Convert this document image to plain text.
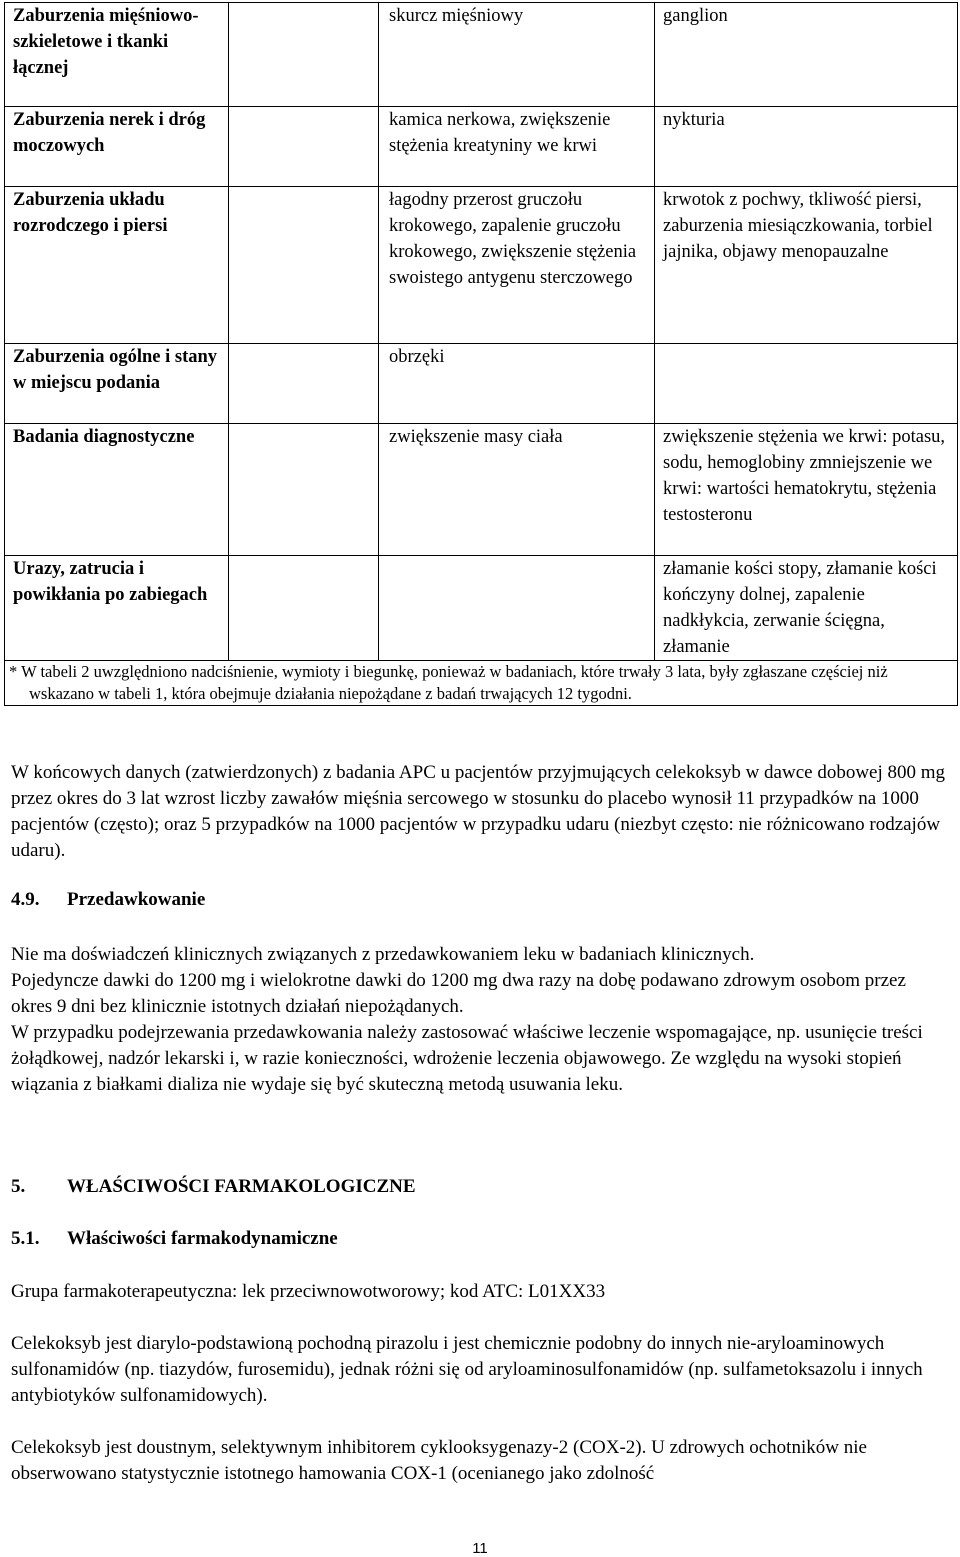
Zaburzenia mięśniowo-szkieletowe i tkanki łącznej		skurcz mięśniowy	ganglion
Zaburzenia nerek i dróg moczowych		kamica nerkowa, zwiększenie stężenia kreatyniny we krwi	nykturia
Zaburzenia układu rozrodczego i piersi		łagodny przerost gruczołu krokowego, zapalenie gruczołu krokowego, zwiększenie stężenia swoistego antygenu sterczowego	krwotok z pochwy, tkliwość piersi, zaburzenia miesiączkowania, torbiel jajnika, objawy menopauzalne
Zaburzenia ogólne i stany w miejscu podania		obrzęki	
Badania diagnostyczne		zwiększenie masy ciała	zwiększenie stężenia we krwi: potasu, sodu, hemoglobiny zmniejszenie we krwi: wartości hematokrytu, stężenia testosteronu
Urazy, zatrucia i powikłania po zabiegach			złamanie kości stopy, złamanie kości kończyny dolnej, zapalenie nadkłykcia, zerwanie ścięgna, złamanie

* W tabeli 2 uwzględniono nadciśnienie, wymioty i biegunkę, ponieważ w badaniach, które trwały 3 lata, były zgłaszane częściej niż wskazano w tabeli 1, która obejmuje działania niepożądane z badań trwających 12 tygodni.			

W końcowych danych (zatwierdzonych) z badania APC u pacjentów przyjmujących celekoksyb w dawce dobowej 800 mg przez okres do 3 lat wzrost liczby zawałów mięśnia sercowego w stosunku do placebo wynosił 11 przypadków na 1000 pacjentów (często); oraz 5 przypadków na 1000 pacjentów w przypadku udaru (niezbyt często: nie różnicowano rodzajów udaru).

4.9. Przedawkowanie

Nie ma doświadczeń klinicznych związanych z przedawkowaniem leku w badaniach klinicznych.

Pojedyncze dawki do 1200 mg i wielokrotne dawki do 1200 mg dwa razy na dobę podawano zdrowym osobom przez okres 9 dni bez klinicznie istotnych działań niepożądanych.

W przypadku podejrzewania przedawkowania należy zastosować właściwe leczenie wspomagające, np. usunięcie treści żołądkowej, nadzór lekarski i, w razie konieczności, wdrożenie leczenia objawowego. Ze względu na wysoki stopień wiązania z białkami dializa nie wydaje się być skuteczną metodą usuwania leku.

5. WŁAŚCIWOŚCI FARMAKOLOGICZNE
5.1. Właściwości farmakodynamiczne

Grupa farmakoterapeutyczna: lek przeciwnowotworowy; kod ATC: L01XX33

Celekoksyb jest diarylo-podstawioną pochodną pirazolu i jest chemicznie podobny do innych nie-aryloaminowych sulfonamidów (np. tiazydów, furosemidu), jednak różni się od aryloaminosulfonamidów (np. sulfametoksazolu i innych antybiotyków sulfonamidowych).

Celekoksyb jest doustnym, selektywnym inhibitorem cyklooksygenazy-2 (COX-2). U zdrowych ochotników nie obserwowano statystycznie istotnego hamowania COX-1 (ocenianego jako zdolność

11
